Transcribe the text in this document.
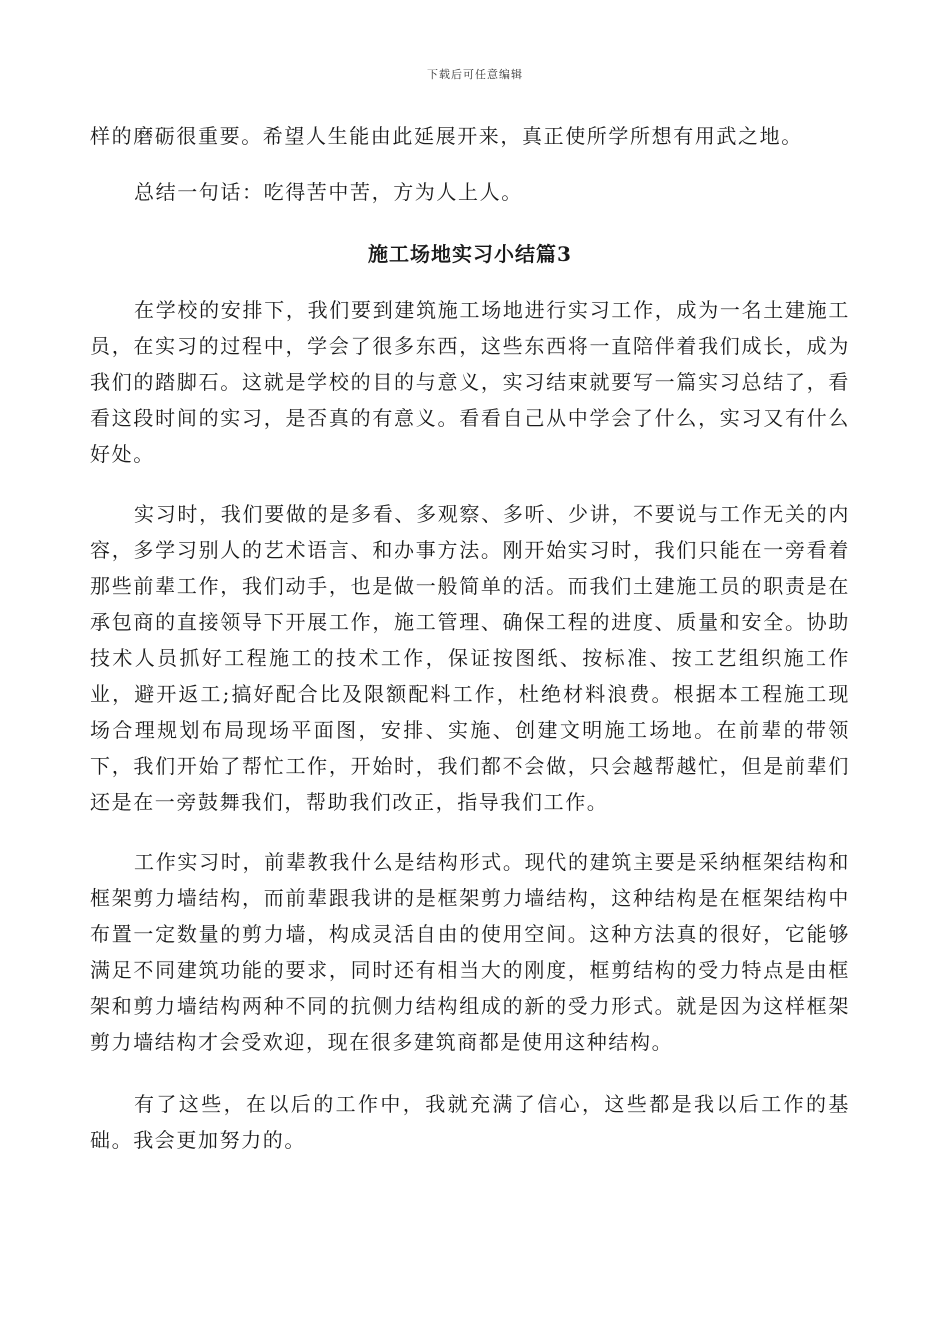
下载后可任意编辑

样的磨砺很重要。希望人生能由此延展开来，真正使所学所想有用武之地。

总结一句话：吃得苦中苦，方为人上人。

施工场地实习小结篇3

在学校的安排下，我们要到建筑施工场地进行实习工作，成为一名土建施工员，在实习的过程中，学会了很多东西，这些东西将一直陪伴着我们成长，成为我们的踏脚石。这就是学校的目的与意义，实习结束就要写一篇实习总结了，看看这段时间的实习，是否真的有意义。看看自己从中学会了什么，实习又有什么好处。

实习时，我们要做的是多看、多观察、多听、少讲，不要说与工作无关的内容，多学习别人的艺术语言、和办事方法。刚开始实习时，我们只能在一旁看着那些前辈工作，我们动手，也是做一般简单的活。而我们土建施工员的职责是在承包商的直接领导下开展工作，施工管理、确保工程的进度、质量和安全。协助技术人员抓好工程施工的技术工作，保证按图纸、按标准、按工艺组织施工作业，避开返工;搞好配合比及限额配料工作，杜绝材料浪费。根据本工程施工现场合理规划布局现场平面图，安排、实施、创建文明施工场地。在前辈的带领下，我们开始了帮忙工作，开始时，我们都不会做，只会越帮越忙，但是前辈们还是在一旁鼓舞我们，帮助我们改正，指导我们工作。

工作实习时，前辈教我什么是结构形式。现代的建筑主要是采纳框架结构和框架剪力墙结构，而前辈跟我讲的是框架剪力墙结构，这种结构是在框架结构中布置一定数量的剪力墙，构成灵活自由的使用空间。这种方法真的很好，它能够满足不同建筑功能的要求，同时还有相当大的刚度，框剪结构的受力特点是由框架和剪力墙结构两种不同的抗侧力结构组成的新的受力形式。就是因为这样框架剪力墙结构才会受欢迎，现在很多建筑商都是使用这种结构。

有了这些，在以后的工作中，我就充满了信心，这些都是我以后工作的基础。我会更加努力的。
